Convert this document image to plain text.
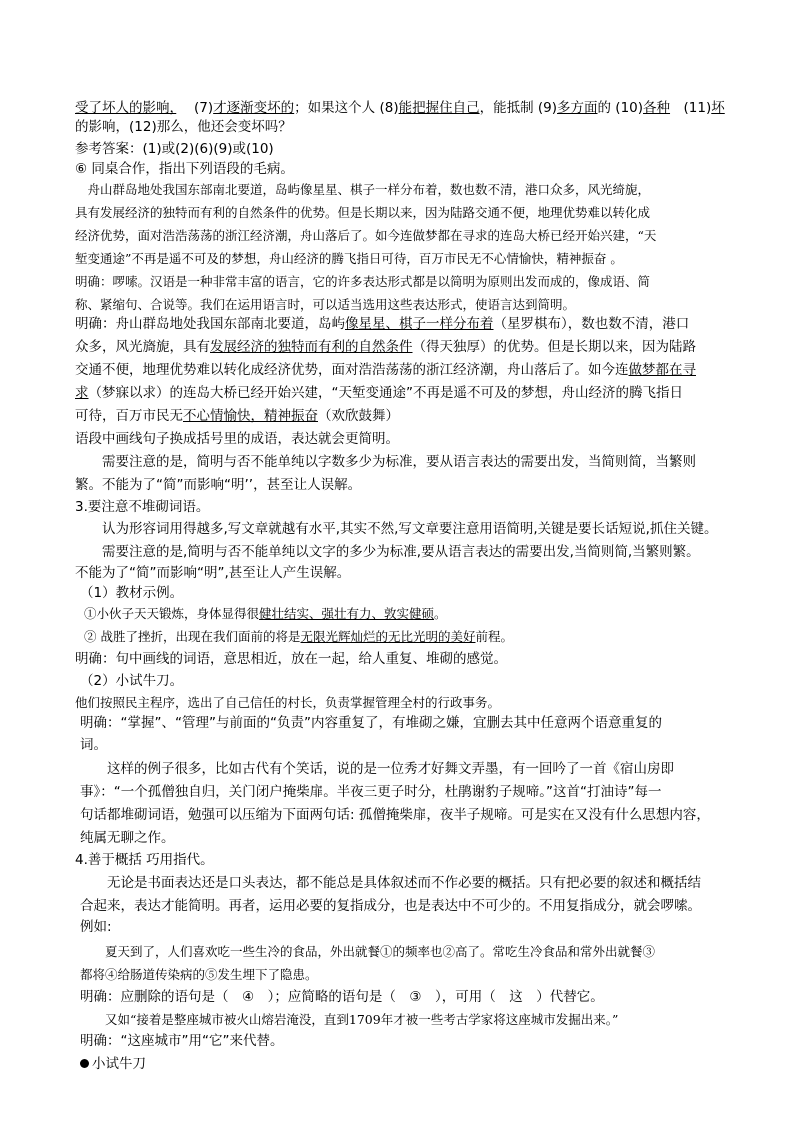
受了坏人的影响，　 (7)才逐渐变坏的；如果这个人 (8)能把握住自己，能抵制 (9)多方面的 (10)各种　(11)坏
的影响，(12)那么，他还会变坏吗？
参考答案：(1)或(2)(6)(9)或(10)
⑥ 同桌合作，指出下列语段的毛病。
　舟山群岛地处我国东部南北要道，岛屿像星星、棋子一样分布着，数也数不清，港口众多，风光绮旎，
具有发展经济的独特而有利的自然条件的优势。但是长期以来，因为陆路交通不便，地理优势难以转化成
经济优势，面对浩浩荡荡的浙江经济潮，舟山落后了。如今连做梦都在寻求的连岛大桥已经开始兴建，“天
堑变通途”不再是遥不可及的梦想，舟山经济的腾飞指日可待，百万市民无不心情愉快，精神振奋 。
明确：啰嗦。汉语是一种非常丰富的语言，它的许多表达形式都是以简明为原则出发而成的，像成语、简
称、紧缩句、合说等。我们在运用语言时，可以适当选用这些表达形式，使语言达到简明。
明确：舟山群岛地处我国东部南北要道，岛屿像星星、棋子一样分布着（星罗棋布），数也数不清，港口
众多，风光旖旎，具有发展经济的独特而有利的自然条件（得天独厚）的优势。但是长期以来，因为陆路
交通不便，地理优势难以转化成经济优势，面对浩浩荡荡的浙江经济潮，舟山落后了。如今连做梦都在寻
求（梦寐以求）的连岛大桥已经开始兴建，“天堑变通途”不再是遥不可及的梦想，舟山经济的腾飞指日
可待，百万市民无不心情愉快，精神振奋（欢欣鼓舞）
语段中画线句子换成括号里的成语，表达就会更简明。
　　需要注意的是，简明与否不能单纯以字数多少为标准，要从语言表达的需要出发，当简则简，当繁则
繁。不能为了“简”而影响“明’’，甚至让人误解。
3.要注意不堆砌词语。
　　认为形容词用得越多,写文章就越有水平,其实不然,写文章要注意用语简明,关键是要长话短说,抓住关键。
　　需要注意的是,简明与否不能单纯以文字的多少为标准,要从语言表达的需要出发,当简则简,当繁则繁。
不能为了“简”而影响“明”,甚至让人产生误解。
（1）教材示例。
①小伙子天天锻炼，身体显得很健壮结实、强壮有力、敦实健硕。
② 战胜了挫折，出现在我们面前的将是无限光辉灿烂的无比光明的美好前程。
明确：句中画线的词语，意思相近，放在一起，给人重复、堆砌的感觉。
（2）小试牛刀。
他们按照民主程序，选出了自己信任的村长，负责掌握管理全村的行政事务。
明确：“掌握”、“管理”与前面的“负责”内容重复了，有堆砌之嫌，宜删去其中任意两个语意重复的
词。
　　这样的例子很多，比如古代有个笑话，说的是一位秀才好舞文弄墨，有一回吟了一首《宿山房即
事》：“一个孤僧独自归，关门闭户掩柴扉。半夜三更子时分，杜鹃谢豹子规啼。”这首“打油诗”每一
句话都堆砌词语，勉强可以压缩为下面两句话: 孤僧掩柴扉，夜半子规啼。可是实在又没有什么思想内容，
纯属无聊之作。
4.善于概括 巧用指代。
　　无论是书面表达还是口头表达，都不能总是具体叙述而不作必要的概括。只有把必要的叙述和概括结
合起来，表达才能简明。再者，运用必要的复指成分，也是表达中不可少的。不用复指成分，就会啰嗦。
例如:
　　夏天到了，人们喜欢吃一些生冷的食品，外出就餐①的频率也②高了。常吃生冷食品和常外出就餐③
都将④给肠道传染病的⑤发生埋下了隐患。
明确：应删除的语句是（　④　）；应简略的语句是（　③　），可用（　这　）代替它。
　　又如“接着是整座城市被火山熔岩淹没，直到1709年才被一些考古学家将这座城市发掘出来。”
明确：“这座城市”用“它”来代替。
小试牛刀
